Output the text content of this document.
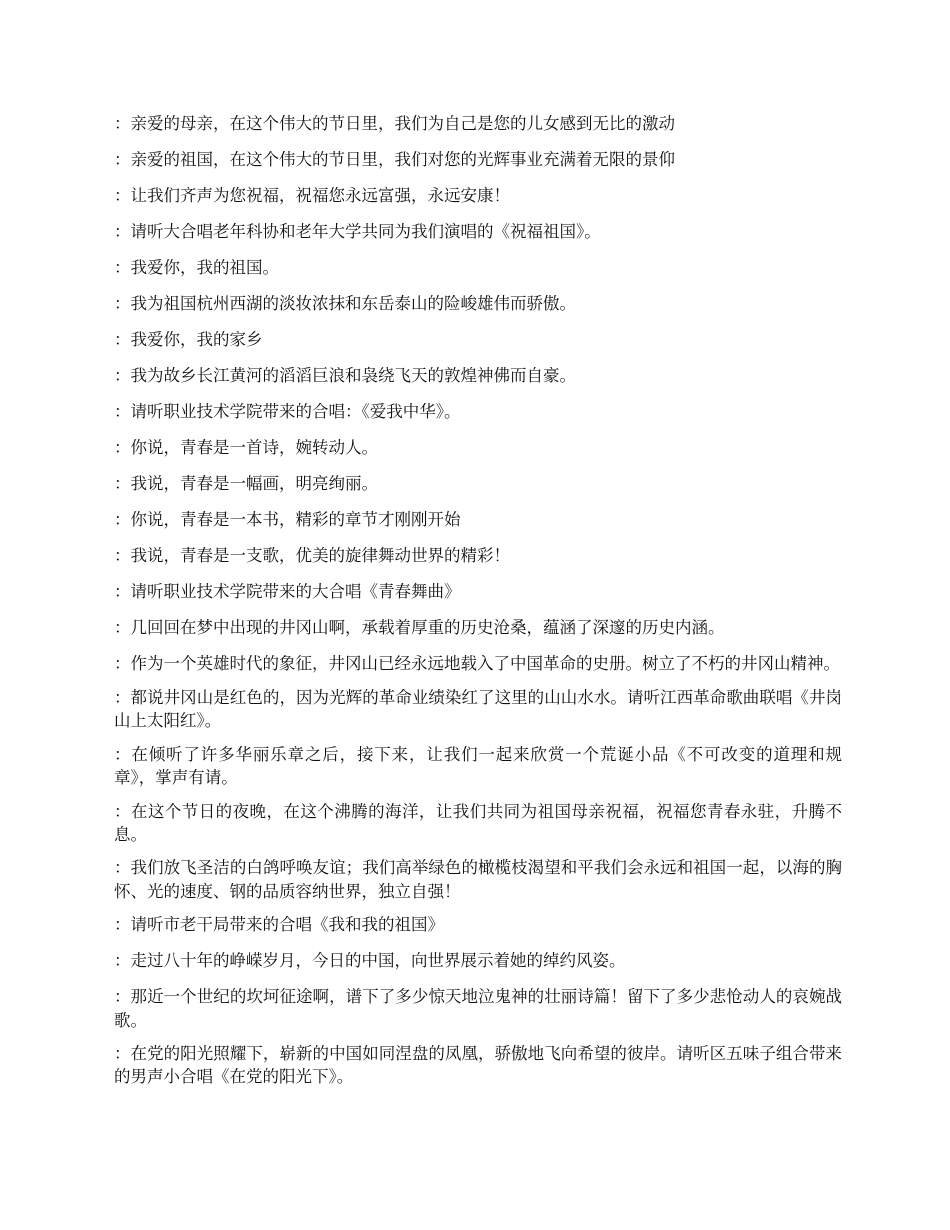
：亲爱的母亲，在这个伟大的节日里，我们为自己是您的儿女感到无比的激动

：亲爱的祖国，在这个伟大的节日里，我们对您的光辉事业充满着无限的景仰

：让我们齐声为您祝福，祝福您永远富强，永远安康！

：请听大合唱老年科协和老年大学共同为我们演唱的《祝福祖国》。

：我爱你，我的祖国。

：我为祖国杭州西湖的淡妆浓抹和东岳泰山的险峻雄伟而骄傲。

：我爱你，我的家乡

：我为故乡长江黄河的滔滔巨浪和袅绕飞天的敦煌神佛而自豪。

：请听职业技术学院带来的合唱：《爱我中华》。

：你说，青春是一首诗，婉转动人。

：我说，青春是一幅画，明亮绚丽。

：你说，青春是一本书，精彩的章节才刚刚开始

：我说，青春是一支歌，优美的旋律舞动世界的精彩！

：请听职业技术学院带来的大合唱《青春舞曲》

：几回回在梦中出现的井冈山啊，承载着厚重的历史沧桑，蕴涵了深邃的历史内涵。

：作为一个英雄时代的象征，井冈山已经永远地载入了中国革命的史册。树立了不朽的井冈山精神。

：都说井冈山是红色的，因为光辉的革命业绩染红了这里的山山水水。请听江西革命歌曲联唱《井岗山上太阳红》。

：在倾听了许多华丽乐章之后，接下来，让我们一起来欣赏一个荒诞小品《不可改变的道理和规章》，掌声有请。

：在这个节日的夜晚，在这个沸腾的海洋，让我们共同为祖国母亲祝福，祝福您青春永驻，升腾不息。

：我们放飞圣洁的白鸽呼唤友谊；我们高举绿色的橄榄枝渴望和平我们会永远和祖国一起，以海的胸怀、光的速度、钢的品质容纳世界，独立自强！

：请听市老干局带来的合唱《我和我的祖国》

：走过八十年的峥嵘岁月，今日的中国，向世界展示着她的绰约风姿。

：那近一个世纪的坎坷征途啊，谱下了多少惊天地泣鬼神的壮丽诗篇！留下了多少悲怆动人的哀婉战歌。

：在党的阳光照耀下，崭新的中国如同涅盘的凤凰，骄傲地飞向希望的彼岸。请听区五味子组合带来的男声小合唱《在党的阳光下》。
